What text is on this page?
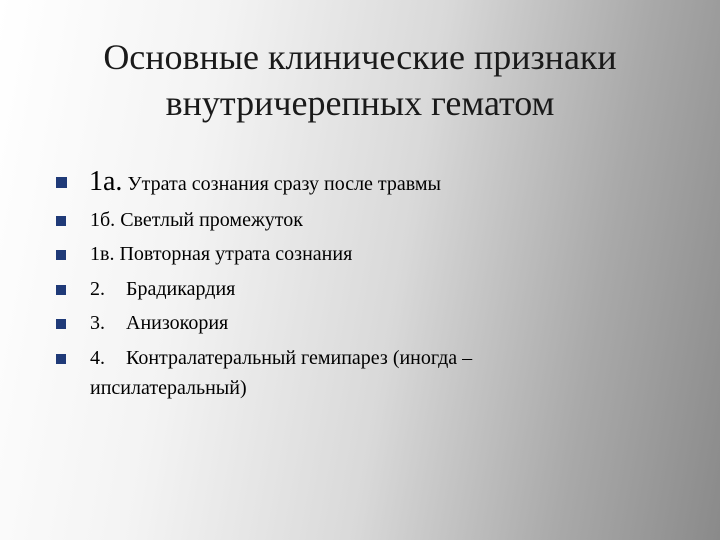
Основные клинические признаки
внутричерепных гематом
1а. Утрата сознания сразу после травмы
1б. Светлый промежуток
1в. Повторная утрата сознания
2. Брадикардия
3. Анизокория
4. Контралатеральный гемипарез (иногда – ипсилатеральный)
